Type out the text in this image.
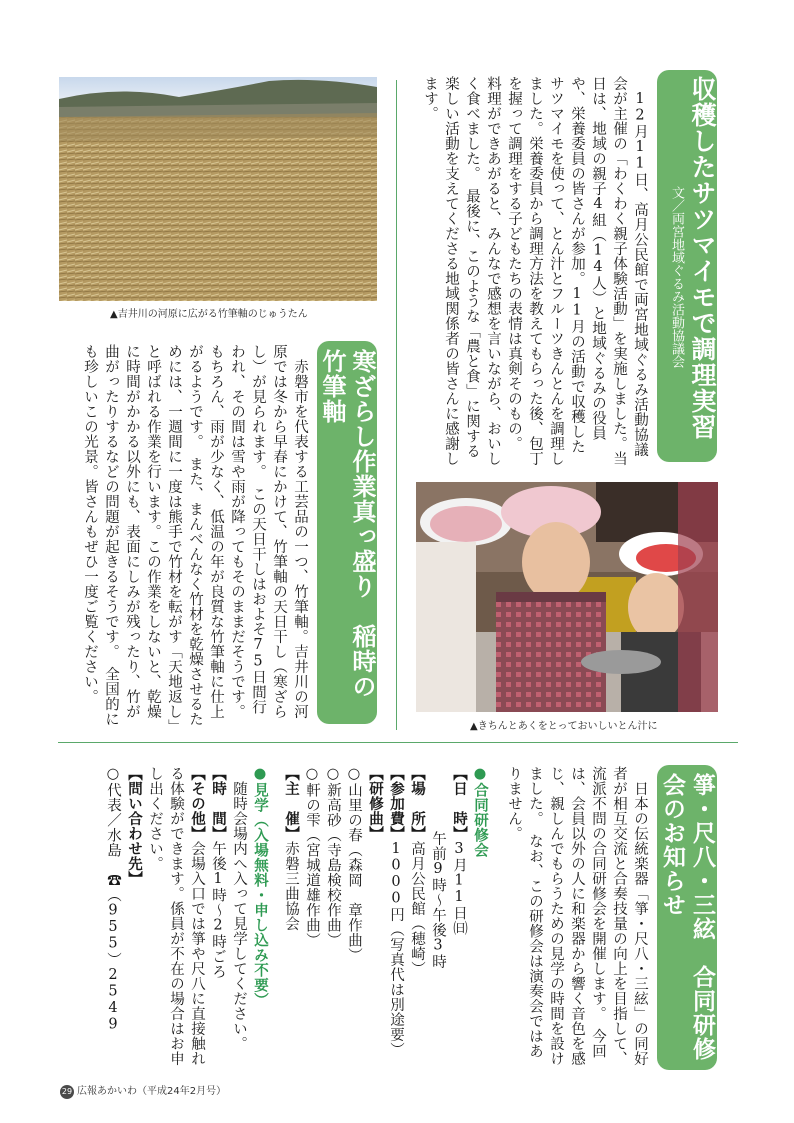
収穫したサツマイモで調理実習
文／両宮地域ぐるみ活動協議会
　12月11日、高月公民館で両宮地域ぐるみ活動協議会が主催の「わくわく親子体験活動」を実施しました。当日は、地域の親子4組（14人）と地域ぐるみの役員や、栄養委員の皆さんが参加。11月の活動で収穫したサツマイモを使って、とん汁とフルーツきんとんを調理しました。栄養委員から調理方法を教えてもらった後、包丁を握って調理をする子どもたちの表情は真剣そのもの。　料理ができあがると、みんなで感想を言いながら、おいしく食べました。　最後に、このような「農と食」に関する楽しい活動を支えてくださる地域関係者の皆さんに感謝します。
▲きちんとあくをとっておいしいとん汁に
▲吉井川の河原に広がる竹筆軸のじゅうたん
寒ざらし作業真っ盛り　稲時の竹筆軸
　赤磐市を代表する工芸品の一つ、竹筆軸。吉井川の河原では冬から早春にかけて、竹筆軸の天日干し（寒ざらし）が見られます。　この天日干しはおよそ75日間行われ、その間は雪や雨が降ってもそのままだそうです。もちろん、雨が少なく、低温の年が良質な竹筆軸に仕上がるようです。　また、まんべんなく竹材を乾燥させるためには、一週間に一度は熊手で竹材を転がす「天地返し」と呼ばれる作業を行います。この作業をしないと、乾燥に時間がかかる以外にも、表面にしみが残ったり、竹が曲がったりするなどの問題が起きるそうです。　全国的にも珍しいこの光景。皆さんもぜひ一度ご覧ください。
箏・尺八・三絃　合同研修会のお知らせ
　日本の伝統楽器「箏・尺八・三絃」の同好者が相互交流と合奏技量の向上を目指して、流派不問の合同研修会を開催します。　今回は、会員以外の人に和楽器から響く音色を感じ、親しんでもらうための見学の時間を設けました。　なお、この研修会は演奏会ではありません。
●合同研修会
【日　時】3月11日㈰
午前9時～午後3時
【場　所】高月公民館（穂崎）
【参加費】1000円（写真代は別途要）
【研修曲】
○山里の春（森岡　章作曲）
○新高砂（寺島検校作曲）
○軒の雫（宮城道雄作曲）
【主　催】赤磐三曲協会
●見学（入場無料・申し込み不要）
　随時会場内へ入って見学してください。
【時　間】午後1時～2時ごろ
【その他】会場入口では箏や尺八に直接触れる体験ができます。係員が不在の場合はお申し出ください。
【問い合わせ先】
○代表／水島　☎（955）2549
29 広報あかいわ（平成24年2月号）
